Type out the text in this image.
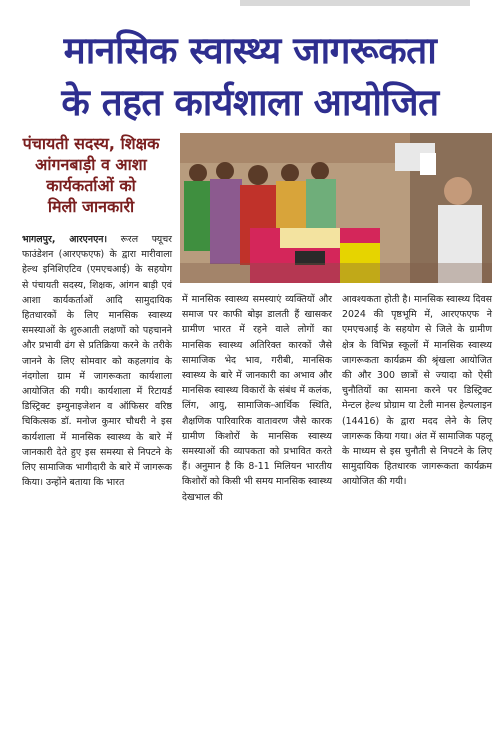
मानसिक स्वास्थ्य जागरूकता
के तहत कार्यशाला आयोजित
पंचायती सदस्य, शिक्षक
आंगनबाड़ी व आशा
कार्यकर्ताओं को
मिली जानकारी

भागलपुर, आरएनएन। रूरल फ्यूचर फाउंडेशन (आरएफएफ) के द्वारा मारीवाला हेल्थ इनिशिएटिव (एमएचआई) के सहयोग से पंचायती सदस्य, शिक्षक, आंगन बाड़ी एवं आशा कार्यकर्ताओं आदि सामुदायिक हितधारकों के लिए मानसिक स्वास्थ्य समस्याओं के शुरुआती लक्षणों को पहचानने और प्रभावी ढंग से प्रतिक्रिया करने के तरीके जानने के लिए सोमवार को कहलगांव के नंदगोला ग्राम में जागरूकता कार्यशाला आयोजित की गयी। कार्यशाला में रिटायर्ड डिस्ट्रिक्ट इम्युनाइजेशन व ऑफिसर वरिष्ठ चिकित्सक डॉ. मनोज कुमार चौधरी ने इस कार्यशाला में मानसिक स्वास्थ्य के बारे में जानकारी देते हुए इस समस्या से निपटने के लिए सामाजिक भागीदारी के बारे में जागरूक किया। उन्होंने बताया कि भारत

में मानसिक स्वास्थ्य समस्याएं व्यक्तियों और समाज पर काफी बोझ डालती हैं खासकर ग्रामीण भारत में रहने वाले लोगों का मानसिक स्वास्थ्य अतिरिक्त कारकों जैसे सामाजिक भेद भाव, गरीबी, मानसिक स्वास्थ्य के बारे में जानकारी का अभाव और मानसिक स्वास्थ्य विकारों के संबंध में कलंक, लिंग, आयु, सामाजिक-आर्थिक स्थिति, शैक्षणिक पारिवारिक वातावरण जैसे कारक ग्रामीण किशोरों के मानसिक स्वास्थ्य समस्याओं की व्यापकता को प्रभावित करते हैं। अनुमान है कि 8-11 मिलियन भारतीय किशोरों को किसी भी समय मानसिक स्वास्थ्य देखभाल की

आवश्यकता होती है। मानसिक स्वास्थ्य दिवस 2024 की पृष्ठभूमि में, आरएफएफ ने एमएचआई के सहयोग से जिले के ग्रामीण क्षेत्र के विभिन्न स्कूलों में मानसिक स्वास्थ्य जागरूकता कार्यक्रम की श्रृंखला आयोजित की और 300 छात्रों से ज्यादा को ऐसी चुनौतियों का सामना करने पर डिस्ट्रिक्ट मेन्टल हेल्थ प्रोग्राम या टेली मानस हेल्पलाइन (14416) के द्वारा मदद लेने के लिए जागरूक किया गया। अंत में सामाजिक पहलू के माध्यम से इस चुनौती से निपटने के लिए सामुदायिक हितधारक जागरूकता कार्यक्रम आयोजित की गयी।
